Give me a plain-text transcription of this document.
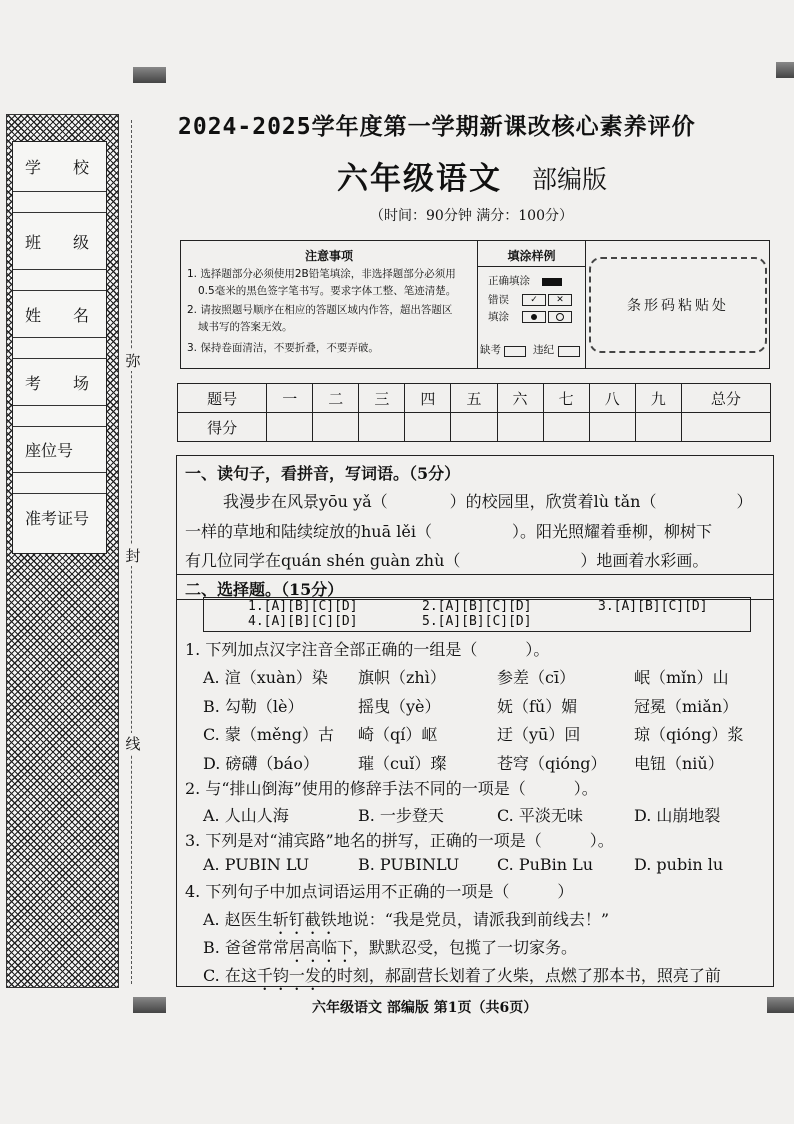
学　　校
班　　级
姓　　名
考　　场
座位号
准考证号
弥
封
线
2024-2025学年度第一学期新课改核心素养评价
六年级语文 部编版
（时间：90分钟 满分：100分）
注意事项
1. 选择题部分必须使用2B铅笔填涂，非选择题部分必须用
0.5毫米的黑色签字笔书写。要求字体工整、笔迹清楚。
2. 请按照题号顺序在相应的答题区域内作答，超出答题区
域书写的答案无效。
3. 保持卷面清洁，不要折叠，不要弄破。
填涂样例
正确填涂
错误
填涂
✓	✕
缺考	违纪
条形码粘贴处
题号	一	二	三	四	五	六	七	八	九	总分
得分										
一、读句子，看拼音，写词语。（5分）
我漫步在风景yōu yǎ（	）的校园里，欣赏着lù tǎn（	）
一样的草地和陆续绽放的huā lěi（	）。阳光照耀着垂柳，柳树下
有几位同学在quán shén guàn zhù（	）地画着水彩画。
二、选择题。（15分）
1.[A][B][C][D]	2.[A][B][C][D]	3.[A][B][C][D]
4.[A][B][C][D]	5.[A][B][C][D]
1. 下列加点汉字注音全部正确的一组是（　　　）。
A. 渲（xuàn）染 旗帜（zhì）	参差（cī）	岷（mǐn）山
B. 勾勒（lè）	摇曳（yè）	妩（fǔ）媚	冠冕（miǎn）
C. 蒙（měng）古 崎（qí）岖	迂（yū）回	琼（qióng）浆
D. 磅礴（báo） 璀（cuǐ）璨	苍穹（qióng） 电钮（niǔ）
2. 与“排山倒海”使用的修辞手法不同的一项是（　　　）。
A. 人山人海	B. 一步登天	C. 平淡无味	D. 山崩地裂
3. 下列是对“浦宾路”地名的拼写，正确的一项是（　　　）。
A. PUBIN LU	B. PUBINLU C. PuBin Lu	D. pubin lu
4. 下列句子中加点词语运用不正确的一项是（　　　）
A. 赵医生斩钉截铁地说：“我是党员，请派我到前线去！”
B. 爸爸常常居高临下，默默忍受，包揽了一切家务。
C. 在这千钧一发的时刻，郝副营长划着了火柴，点燃了那本书，照亮了前
六年级语文 部编版 第1页（共6页）
